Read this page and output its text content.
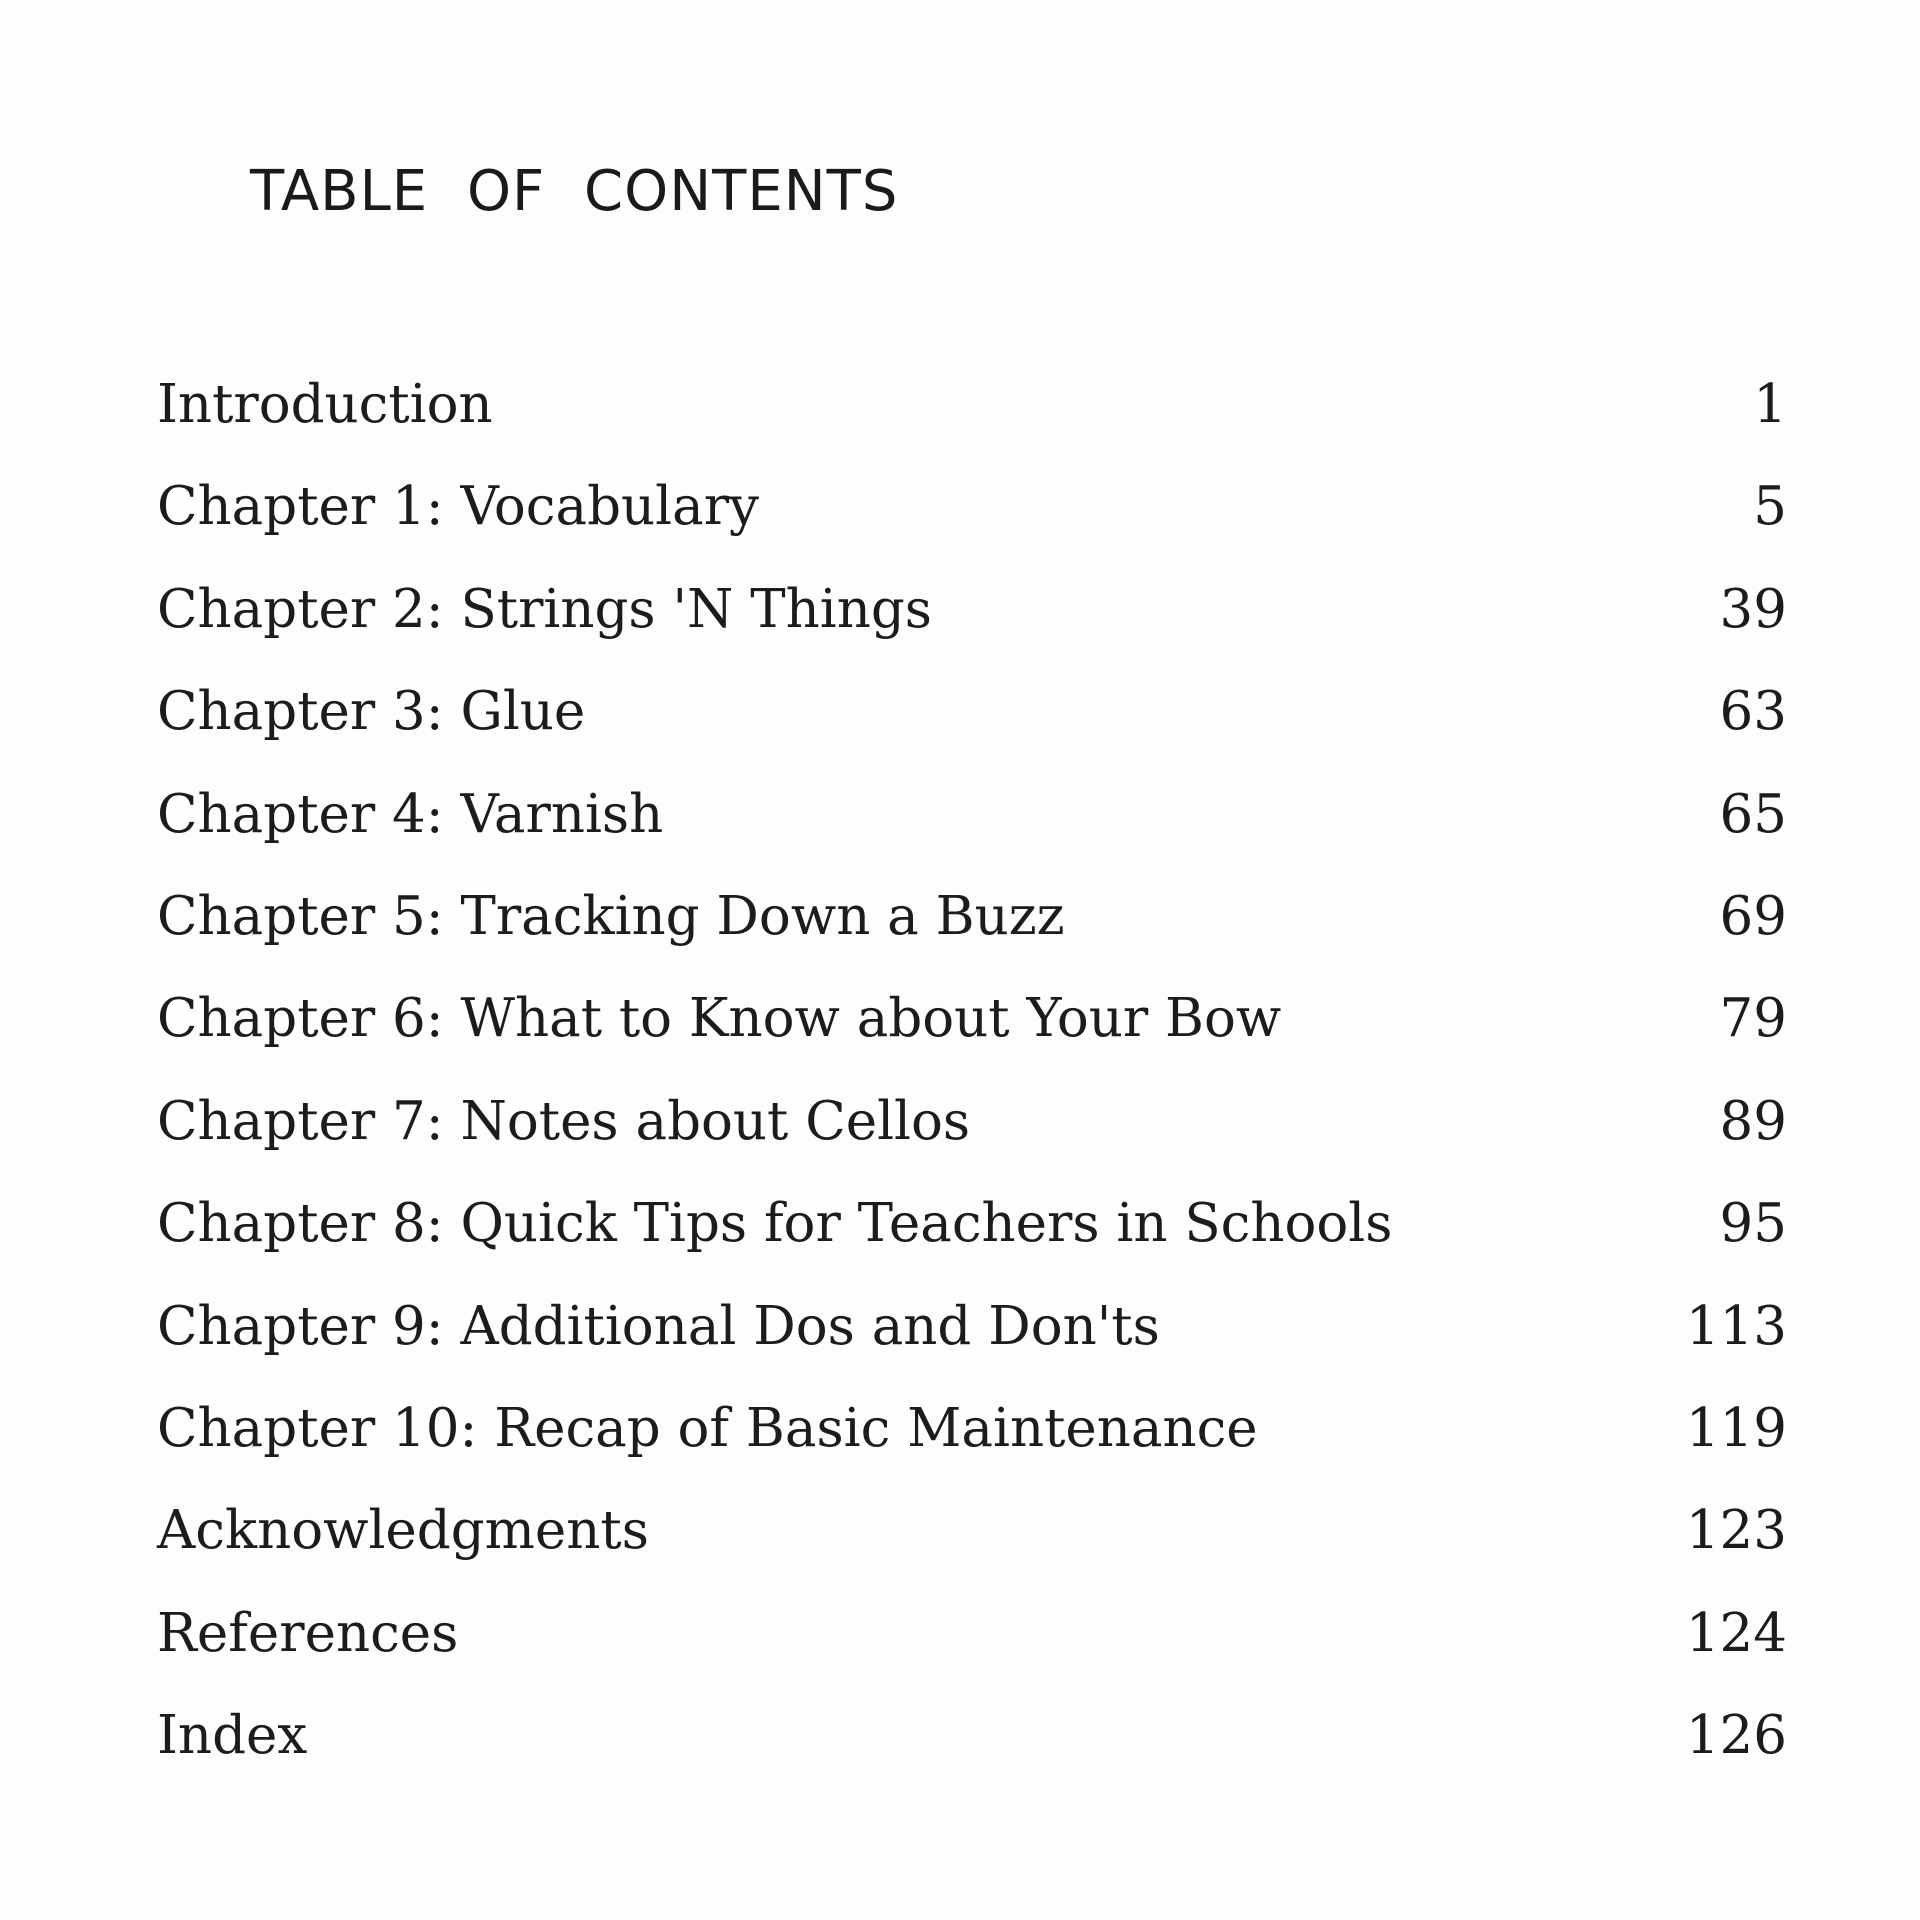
TABLE OF CONTENTS
Introduction	1
Chapter 1: Vocabulary	5
Chapter 2: Strings 'N Things	39
Chapter 3: Glue	63
Chapter 4: Varnish	65
Chapter 5: Tracking Down a Buzz	69
Chapter 6: What to Know about Your Bow	79
Chapter 7: Notes about Cellos	89
Chapter 8: Quick Tips for Teachers in Schools	95
Chapter 9: Additional Dos and Don'ts	113
Chapter 10: Recap of Basic Maintenance	119
Acknowledgments	123
References	124
Index	126
